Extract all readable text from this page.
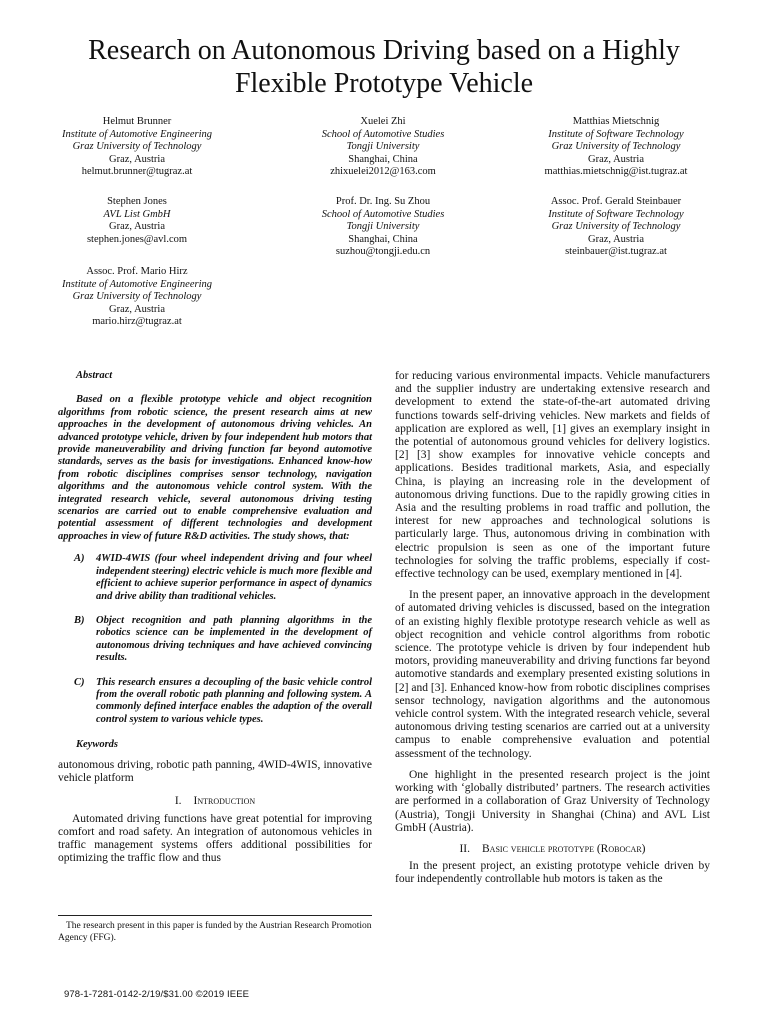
Research on Autonomous Driving based on a Highly Flexible Prototype Vehicle
Helmut Brunner
Institute of Automotive Engineering
Graz University of Technology
Graz, Austria
helmut.brunner@tugraz.at
Xuelei Zhi
School of Automotive Studies
Tongji University
Shanghai, China
zhixuelei2012@163.com
Matthias Mietschnig
Institute of Software Technology
Graz University of Technology
Graz, Austria
matthias.mietschnig@ist.tugraz.at
Stephen Jones
AVL List GmbH
Graz, Austria
stephen.jones@avl.com
Prof. Dr. Ing. Su Zhou
School of Automotive Studies
Tongji University
Shanghai, China
suzhou@tongji.edu.cn
Assoc. Prof. Gerald Steinbauer
Institute of Software Technology
Graz University of Technology
Graz, Austria
steinbauer@ist.tugraz.at
Assoc. Prof. Mario Hirz
Institute of Automotive Engineering
Graz University of Technology
Graz, Austria
mario.hirz@tugraz.at

Abstract

Based on a flexible prototype vehicle and object recognition algorithms from robotic science, the present research aims at new approaches in the development of autonomous driving vehicles. An advanced prototype vehicle, driven by four independent hub motors that provide maneuverability and driving function far beyond automotive standards, serves as the basis for investigations. Enhanced know-how from robotic disciplines comprises sensor technology, navigation algorithms and the autonomous vehicle control system. With the integrated research vehicle, several autonomous driving testing scenarios are carried out to enable comprehensive evaluation and potential assessment of different technologies and development approaches in view of future R&D activities. The study shows, that:

A)	4WID-4WIS (four wheel independent driving and four wheel independent steering) electric vehicle is much more flexible and efficient to achieve superior performance in aspect of dynamics and drive ability than traditional vehicles.
B)	Object recognition and path planning algorithms in the robotics science can be implemented in the development of autonomous driving techniques and have achieved convincing results.
C)	This research ensures a decoupling of the basic vehicle control from the overall robotic path planning and following system. A commonly defined interface enables the adaption of the overall control system to various vehicle types.
Keywords
autonomous driving, robotic path panning, 4WID-4WIS, innovative vehicle platform
I. Introduction

Automated driving functions have great potential for improving comfort and road safety. An integration of autonomous vehicles in traffic management systems offers additional possibilities for optimizing the traffic flow and thus

for reducing various environmental impacts. Vehicle manufacturers and the supplier industry are undertaking extensive research and development to extend the state-of-the-art automated driving functions towards self-driving vehicles. New markets and fields of application are explored as well, [1] gives an exemplary insight in the potential of autonomous ground vehicles for delivery logistics. [2] [3] show examples for innovative vehicle concepts and applications. Besides traditional markets, Asia, and especially China, is playing an increasing role in the development of autonomous driving functions. Due to the rapidly growing cities in Asia and the resulting problems in road traffic and pollution, the interest for new approaches and technological solutions is particularly large. Thus, autonomous driving in combination with electric propulsion is seen as one of the important future technologies for solving the traffic problems, especially if cost-effective technology can be used, exemplary mentioned in [4].

In the present paper, an innovative approach in the development of automated driving vehicles is discussed, based on the integration of an existing highly flexible prototype research vehicle as well as object recognition and vehicle control algorithms from robotic science. The prototype vehicle is driven by four independent hub motors, providing maneuverability and driving functions far beyond automotive standards and exemplary presented existing solutions in [2] and [3]. Enhanced know-how from robotic disciplines comprises sensor technology, navigation algorithms and the autonomous vehicle control system. With the integrated research vehicle, several autonomous driving testing scenarios are carried out at a university campus to enable comprehensive evaluation and potential assessment of the technology.

One highlight in the presented research project is the joint working with ‘globally distributed’ partners. The research activities are performed in a collaboration of Graz University of Technology (Austria), Tongji University in Shanghai (China) and AVL List GmbH (Austria).

II. Basic vehicle prototype (Robocar)

In the present project, an existing prototype vehicle driven by four independently controllable hub motors is taken as the

The research present in this paper is funded by the Austrian Research Promotion Agency (FFG).
978-1-7281-0142-2/19/$31.00 ©2019 IEEE
